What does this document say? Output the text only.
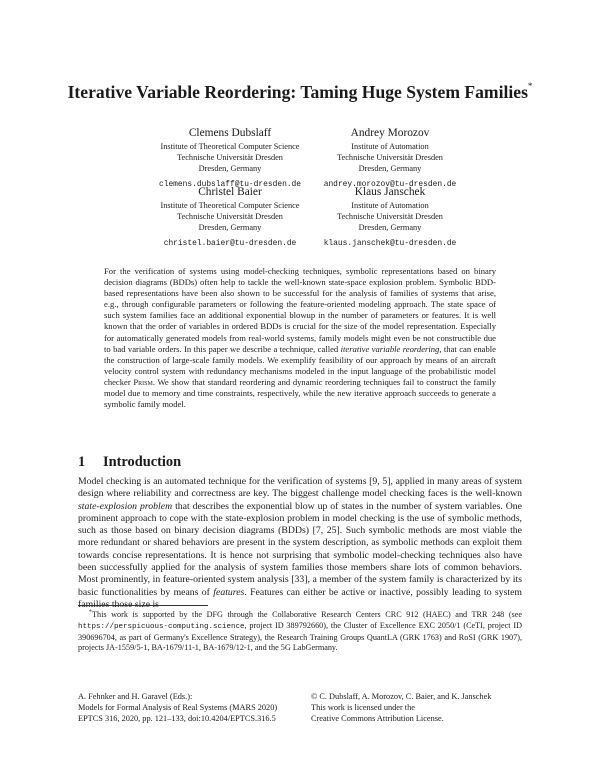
Iterative Variable Reordering: Taming Huge System Families*
Clemens Dubslaff
Institute of Theoretical Computer Science
Technische Universität Dresden
Dresden, Germany
clemens.dubslaff@tu-dresden.de
Andrey Morozov
Institute of Automation
Technische Universität Dresden
Dresden, Germany
andrey.morozov@tu-dresden.de
Christel Baier
Institute of Theoretical Computer Science
Technische Universität Dresden
Dresden, Germany
christel.baier@tu-dresden.de
Klaus Janschek
Institute of Automation
Technische Universität Dresden
Dresden, Germany
klaus.janschek@tu-dresden.de
For the verification of systems using model-checking techniques, symbolic representations based on binary decision diagrams (BDDs) often help to tackle the well-known state-space explosion problem. Symbolic BDD-based representations have been also shown to be successful for the analysis of families of systems that arise, e.g., through configurable parameters or following the feature-oriented modeling approach. The state space of such system families face an additional exponential blowup in the number of parameters or features. It is well known that the order of variables in ordered BDDs is crucial for the size of the model representation. Especially for automatically generated models from real-world systems, family models might even be not constructible due to bad variable orders. In this paper we describe a technique, called iterative variable reordering, that can enable the construction of large-scale family models. We exemplify feasibility of our approach by means of an aircraft velocity control system with redundancy mechanisms modeled in the input language of the probabilistic model checker Prism. We show that standard reordering and dynamic reordering techniques fail to construct the family model due to memory and time constraints, respectively, while the new iterative approach succeeds to generate a symbolic family model.
1 Introduction
Model checking is an automated technique for the verification of systems [9, 5], applied in many areas of system design where reliability and correctness are key. The biggest challenge model checking faces is the well-known state-explosion problem that describes the exponential blow up of states in the number of system variables. One prominent approach to cope with the state-explosion problem in model checking is the use of symbolic methods, such as those based on binary decision diagrams (BDDs) [7, 25]. Such symbolic methods are most viable the more redundant or shared behaviors are present in the system description, as symbolic methods can exploit them towards concise representations. It is hence not surprising that symbolic model-checking techniques also have been successfully applied for the analysis of system families those members share lots of common behaviors. Most prominently, in feature-oriented system analysis [33], a member of the system family is characterized by its basic functionalities by means of features. Features can either be active or inactive, possibly leading to system families those size is
*This work is supported by the DFG through the Collaborative Research Centers CRC 912 (HAEC) and TRR 248 (see https://perspicuous-computing.science, project ID 389792660), the Cluster of Excellence EXC 2050/1 (CeTI, project ID 390696704, as part of Germany's Excellence Strategy), the Research Training Groups QuantLA (GRK 1763) and RoSI (GRK 1907), projects JA-1559/5-1, BA-1679/11-1, BA-1679/12-1, and the 5G LabGermany.
A. Fehnker and H. Garavel (Eds.):
Models for Formal Analysis of Real Systems (MARS 2020)
EPTCS 316, 2020, pp. 121–133, doi:10.4204/EPTCS.316.5
© C. Dubslaff, A. Morozov, C. Baier, and K. Janschek
This work is licensed under the
Creative Commons Attribution License.
